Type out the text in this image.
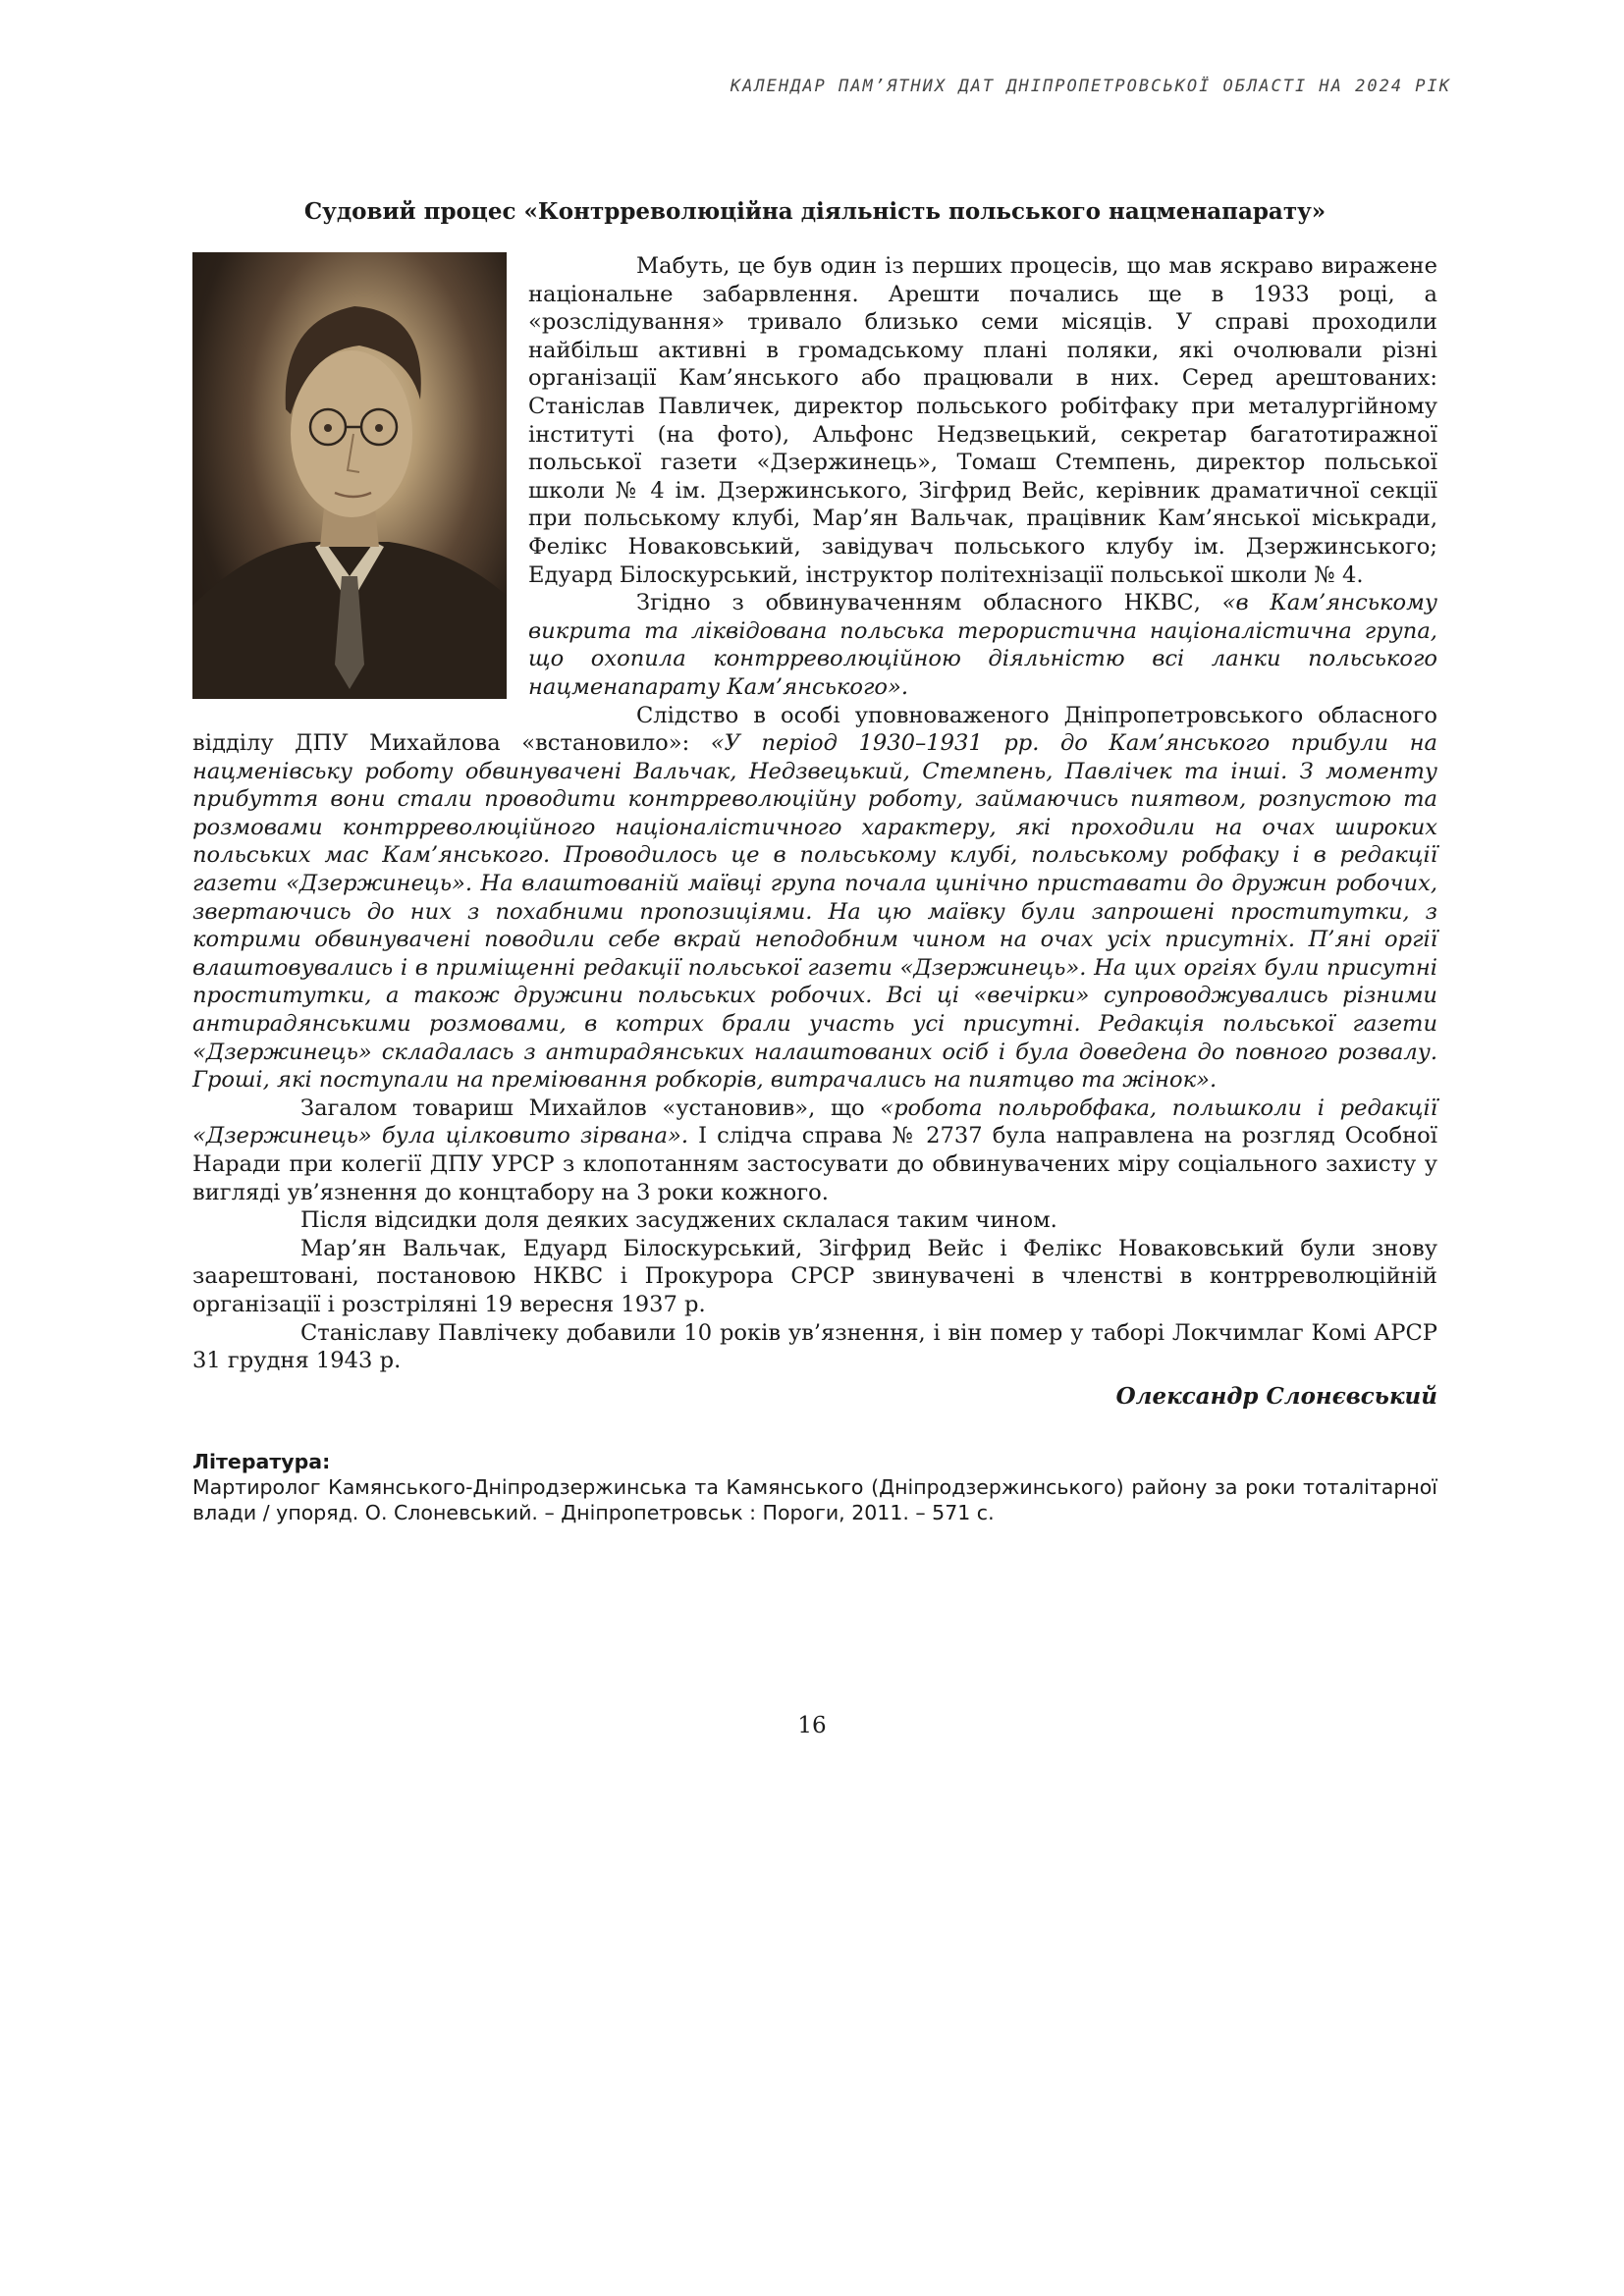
КАЛЕНДАР ПАМ’ЯТНИХ ДАТ ДНІПРОПЕТРОВСЬКОЇ ОБЛАСТІ НА 2024 РІК
Судовий процес «Контрреволюційна діяльність польського нацменапарату»

Мабуть, це був один із перших процесів, що мав яскраво виражене національне забарвлення. Арешти почались ще в 1933 році, а «розслідування» тривало близько семи місяців. У справі проходили найбільш активні в громадському плані поляки, які очолювали різні організації Кам’янського або працювали в них. Серед арештованих: Станіслав Павличек, директор польського робітфаку при металургійному інституті (на фото), Альфонс Недзвецький, секретар багатотиражної польської газети «Дзержинець», Томаш Стемпень, директор польської школи № 4 ім. Дзержинського, Зігфрид Вейс, керівник драматичної секції при польському клубі, Мар’ян Вальчак, працівник Кам’янської міськради, Фелікс Новаковський, завідувач польського клубу ім. Дзержинського; Едуард Білоскурський, інструктор політехнізації польської школи № 4.

Згідно з обвинуваченням обласного НКВС, «в Кам’янському викрита та ліквідована польська терористична націоналістична група, що охопила контрреволюційною діяльністю всі ланки польського нацменапарату Кам’янського».

Слідство в особі уповноваженого Дніпропетровського обласного відділу ДПУ Михайлова «встановило»: «У період 1930–1931 рр. до Кам’янського прибули на нацменівську роботу обвинувачені Вальчак, Недзвецький, Стемпень, Павлічек та інші. З моменту прибуття вони стали проводити контрреволюційну роботу, займаючись пиятвом, розпустою та розмовами контрреволюційного націоналістичного характеру, які проходили на очах широких польських мас Кам’янського. Проводилось це в польському клубі, польському робфаку і в редакції газети «Дзержинець». На влаштованій маївці група почала цинічно приставати до дружин робочих, звертаючись до них з похабними пропозиціями. На цю маївку були запрошені проститутки, з котрими обвинувачені поводили себе вкрай неподобним чином на очах усіх присутніх. П’яні оргії влаштовувались і в приміщенні редакції польської газети «Дзержинець». На цих оргіях були присутні проститутки, а також дружини польських робочих. Всі ці «вечірки» супроводжувались різними антирадянськими розмовами, в котрих брали участь усі присутні. Редакція польської газети «Дзержинець» складалась з антирадянських налаштованих осіб і була доведена до повного розвалу. Гроші, які поступали на преміювання робкорів, витрачались на пиятцво та жінок».

Загалом товариш Михайлов «установив», що «робота польробфака, польшколи і редакції «Дзержинець» була цілковито зірвана». І слідча справа № 2737 була направлена на розгляд Особної Наради при колегії ДПУ УРСР з клопотанням застосувати до обвинувачених міру соціального захисту у вигляді ув’язнення до концтабору на 3 роки кожного.

Після відсидки доля деяких засуджених склалася таким чином.

Мар’ян Вальчак, Едуард Білоскурський, Зігфрид Вейс і Фелікс Новаковський були знову заарештовані, постановою НКВС і Прокурора СРСР звинувачені в членстві в контрреволюційній організації і розстріляні 19 вересня 1937 р.

Станіславу Павлічеку добавили 10 років ув’язнення, і він помер у таборі Локчимлаг Комі АРСР 31 грудня 1943 р.

Олександр Слонєвський

Література:

Мартиролог Камянського-Дніпродзержинська та Камянського (Дніпродзержинського) району за роки тоталітарної влади / упоряд. О. Слоневський. – Дніпропетровськ : Пороги, 2011. – 571 с.

16
